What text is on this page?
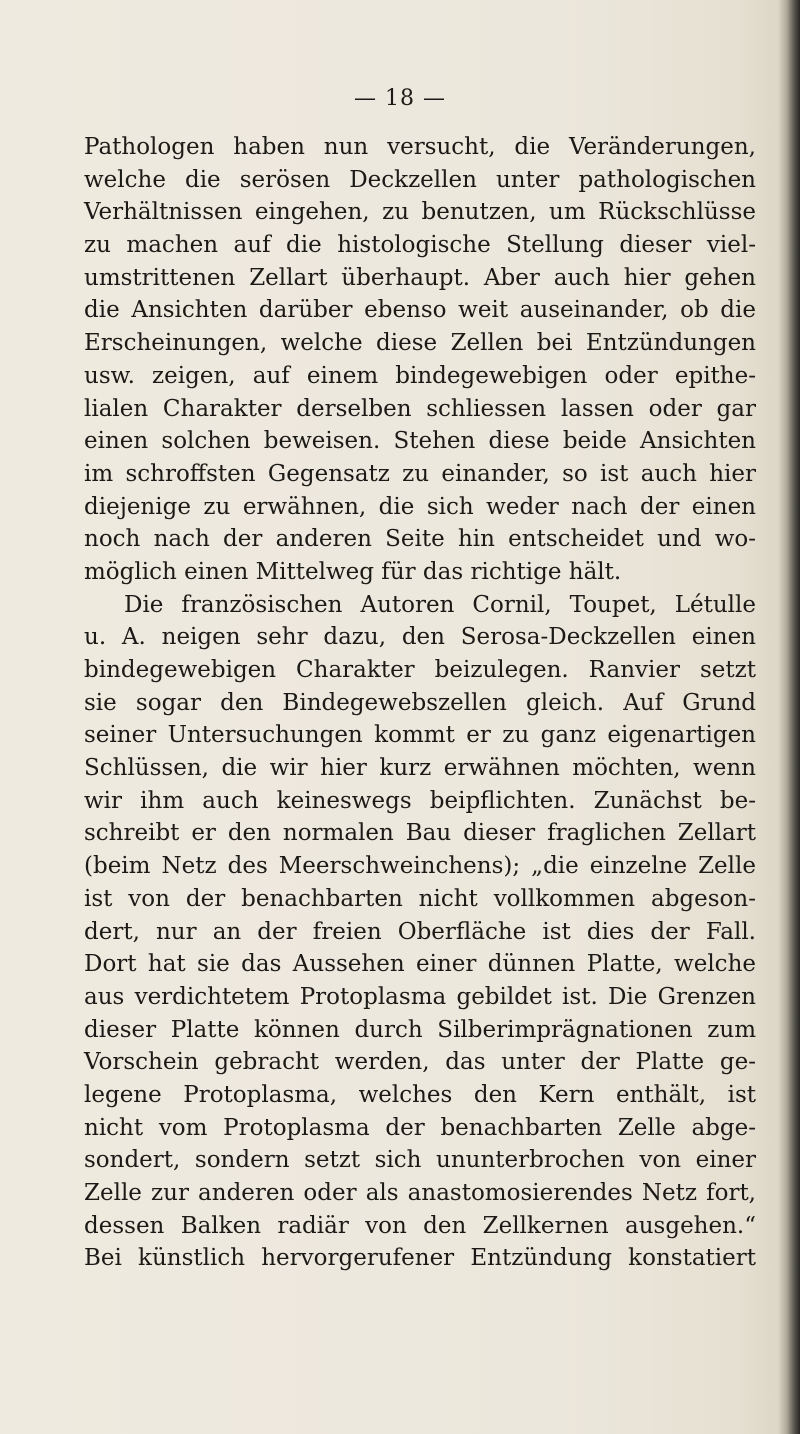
— 18 —
Pathologen haben nun versucht, die Veränderungen,
welche die serösen Deckzellen unter pathologischen
Verhältnissen eingehen, zu benutzen, um Rückschlüsse
zu machen auf die histologische Stellung dieser viel-
umstrittenen Zellart überhaupt. Aber auch hier gehen
die Ansichten darüber ebenso weit auseinander, ob die
Erscheinungen, welche diese Zellen bei Entzündungen
usw. zeigen, auf einem bindegewebigen oder epithe-
lialen Charakter derselben schliessen lassen oder gar
einen solchen beweisen. Stehen diese beide Ansichten
im schroffsten Gegensatz zu einander, so ist auch hier
diejenige zu erwähnen, die sich weder nach der einen
noch nach der anderen Seite hin entscheidet und wo-
möglich einen Mittelweg für das richtige hält.
Die französischen Autoren Cornil, Toupet, Létulle
u. A. neigen sehr dazu, den Serosa-Deckzellen einen
bindegewebigen Charakter beizulegen. Ranvier setzt
sie sogar den Bindegewebszellen gleich. Auf Grund
seiner Untersuchungen kommt er zu ganz eigenartigen
Schlüssen, die wir hier kurz erwähnen möchten, wenn
wir ihm auch keineswegs beipflichten. Zunächst be-
schreibt er den normalen Bau dieser fraglichen Zellart
(beim Netz des Meerschweinchens); „die einzelne Zelle
ist von der benachbarten nicht vollkommen abgeson-
dert, nur an der freien Oberfläche ist dies der Fall.
Dort hat sie das Aussehen einer dünnen Platte, welche
aus verdichtetem Protoplasma gebildet ist. Die Grenzen
dieser Platte können durch Silberimprägnationen zum
Vorschein gebracht werden, das unter der Platte ge-
legene Protoplasma, welches den Kern enthält, ist
nicht vom Protoplasma der benachbarten Zelle abge-
sondert, sondern setzt sich ununterbrochen von einer
Zelle zur anderen oder als anastomosierendes Netz fort,
dessen Balken radiär von den Zellkernen ausgehen.“
Bei künstlich hervorgerufener Entzündung konstatiert
